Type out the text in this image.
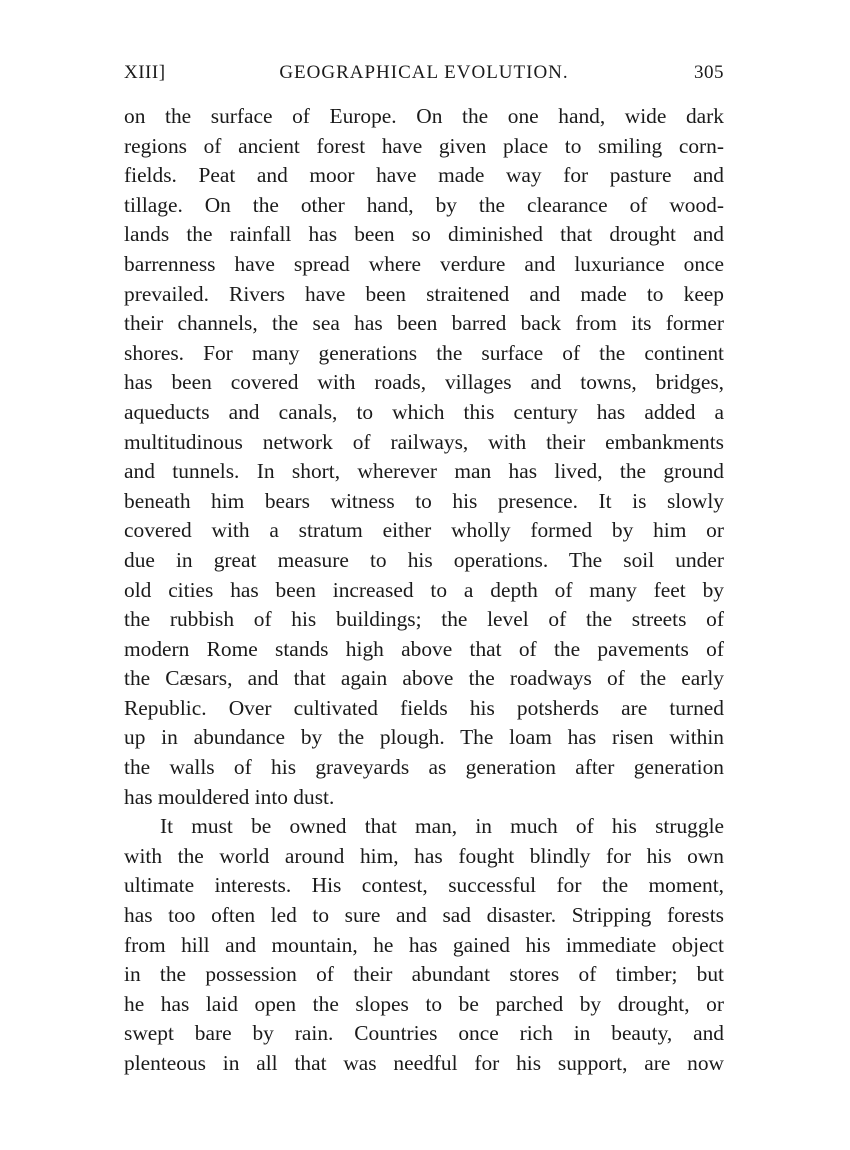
XIII]	GEOGRAPHICAL EVOLUTION.	305
on the surface of Europe. On the one hand, wide dark
regions of ancient forest have given place to smiling corn-
fields. Peat and moor have made way for pasture and
tillage. On the other hand, by the clearance of wood-
lands the rainfall has been so diminished that drought and
barrenness have spread where verdure and luxuriance once
prevailed. Rivers have been straitened and made to keep
their channels, the sea has been barred back from its former
shores. For many generations the surface of the continent
has been covered with roads, villages and towns, bridges,
aqueducts and canals, to which this century has added a
multitudinous network of railways, with their embankments
and tunnels. In short, wherever man has lived, the ground
beneath him bears witness to his presence. It is slowly
covered with a stratum either wholly formed by him or
due in great measure to his operations. The soil under
old cities has been increased to a depth of many feet by
the rubbish of his buildings; the level of the streets of
modern Rome stands high above that of the pavements of
the Cæsars, and that again above the roadways of the early
Republic. Over cultivated fields his potsherds are turned
up in abundance by the plough. The loam has risen within
the walls of his graveyards as generation after generation
has mouldered into dust.
It must be owned that man, in much of his struggle
with the world around him, has fought blindly for his own
ultimate interests. His contest, successful for the moment,
has too often led to sure and sad disaster. Stripping forests
from hill and mountain, he has gained his immediate object
in the possession of their abundant stores of timber; but
he has laid open the slopes to be parched by drought, or
swept bare by rain. Countries once rich in beauty, and
plenteous in all that was needful for his support, are now
